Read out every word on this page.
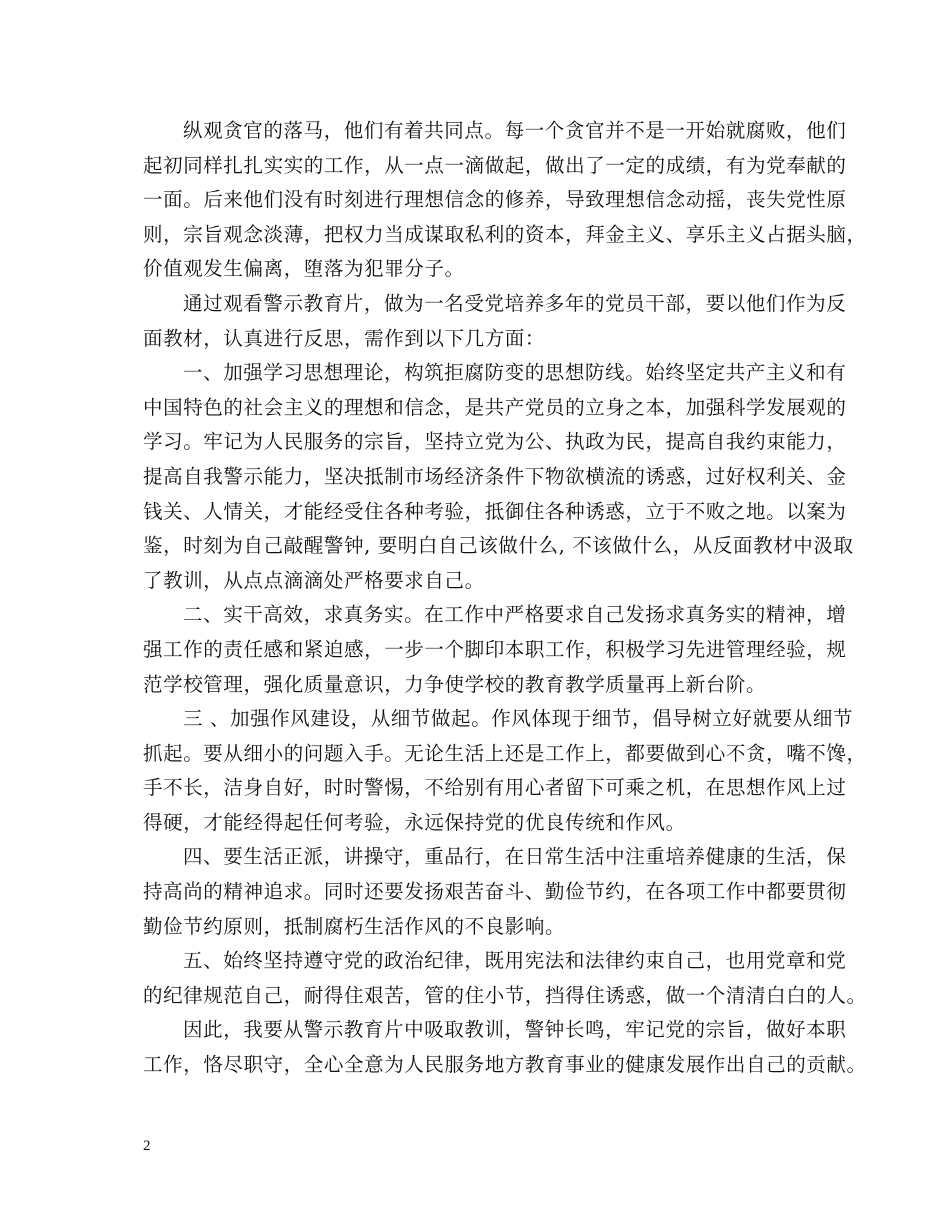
纵观贪官的落马，他们有着共同点。每一个贪官并不是一开始就腐败，他们
起初同样扎扎实实的工作，从一点一滴做起，做出了一定的成绩，有为党奉献的
一面。后来他们没有时刻进行理想信念的修养，导致理想信念动摇，丧失党性原
则，宗旨观念淡薄，把权力当成谋取私利的资本，拜金主义、享乐主义占据头脑，
价值观发生偏离，堕落为犯罪分子。
通过观看警示教育片，做为一名受党培养多年的党员干部，要以他们作为反
面教材，认真进行反思，需作到以下几方面：
一、加强学习思想理论，构筑拒腐防变的思想防线。始终坚定共产主义和有
中国特色的社会主义的理想和信念，是共产党员的立身之本，加强科学发展观的
学习。牢记为人民服务的宗旨，坚持立党为公、执政为民，提高自我约束能力，
提高自我警示能力，坚决抵制市场经济条件下物欲横流的诱惑，过好权利关、金
钱关、人情关，才能经受住各种考验，抵御住各种诱惑，立于不败之地。以案为
鉴，时刻为自己敲醒警钟, 要明白自己该做什么, 不该做什么，从反面教材中汲取
了教训，从点点滴滴处严格要求自己。
二、实干高效，求真务实。在工作中严格要求自己发扬求真务实的精神，增
强工作的责任感和紧迫感，一步一个脚印本职工作，积极学习先进管理经验，规
范学校管理，强化质量意识，力争使学校的教育教学质量再上新台阶。
三 、加强作风建设，从细节做起。作风体现于细节，倡导树立好就要从细节
抓起。要从细小的问题入手。无论生活上还是工作上，都要做到心不贪，嘴不馋，
手不长，洁身自好，时时警惕，不给别有用心者留下可乘之机，在思想作风上过
得硬，才能经得起任何考验，永远保持党的优良传统和作风。
四、要生活正派，讲操守，重品行，在日常生活中注重培养健康的生活，保
持高尚的精神追求。同时还要发扬艰苦奋斗、勤俭节约，在各项工作中都要贯彻
勤俭节约原则，抵制腐朽生活作风的不良影响。
五、始终坚持遵守党的政治纪律，既用宪法和法律约束自己，也用党章和党
的纪律规范自己，耐得住艰苦，管的住小节，挡得住诱惑，做一个清清白白的人。
因此，我要从警示教育片中吸取教训，警钟长鸣，牢记党的宗旨，做好本职
工作，恪尽职守，全心全意为人民服务地方教育事业的健康发展作出自己的贡献。
2
